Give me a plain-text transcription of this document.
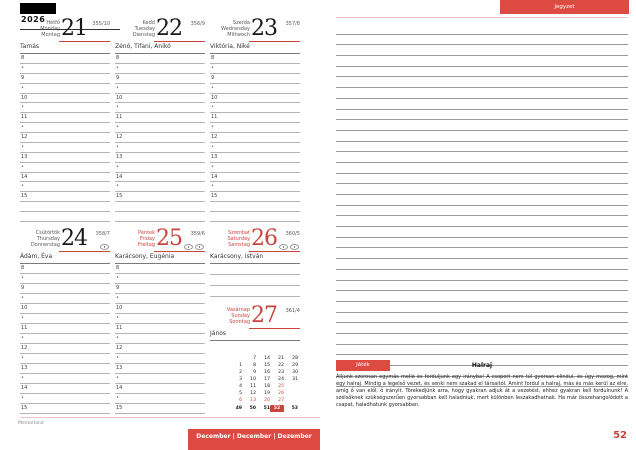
2026 Hétfő
Monday
Montag 21 355/10
Tamás
8
•
9
•
10
•
11
•
12
•
13
•
14
•
15
Kedd
Tuesday
Dienstag 22 356/9
Zénó, Tifani, Anikó
8
•
9
•
10
•
11
•
12
•
13
•
14
•
15
Szerda
Wednesday
Mittwoch 23 357/8
Viktória, Niké
8
•
9
•
10
•
11
•
12
•
13
•
14
•
15
Csütörtök
Thursday
Donnerstag 24 358/7
Ádám, Éva
8
•
9
•
10
•
11
•
12
•
13
•
14
•
15
Péntek
Friday
Freitag 25 359/6
Karácsony, Eugénia
8
•
9
•
10
•
11
•
12
•
13
•
14
•
15
Szombat
Saturday
Samstag 26 360/5
Karácsony, István
Vasárnap
Sunday
Sonntag 27 361/4
János
7	14	21	28
1	8	15	22	29
2	9	16	23	30
3	10	17	24	31
4	11	18	25
5	12	19	26
6	13	20	27
49	50	51 52	53
Jegyzet
Játék	Halraj
Álljunk szorosan egymás mellé és forduljunk egy irányba! A csoport nem túl gyorsan elindul, és úgy mozog, mint egy halraj. Mindig a legelső vezet, és senki nem szakad el társaitól. Amint fordul a halraj, más és más kerül az élre, amíg ő van elől, ő irányít. Törekedjünk arra, hogy gyakran adjuk át a vezetést, ehhez gyakran kell fordulnunk! A szélsőknek szükségszerűen gyorsabban kell haladniuk, mert különben leszakadhatnak. Ha már összehangolódott a csapat, haladhatunk gyorsabban.
Mentorland
December | December | Dezember	52
